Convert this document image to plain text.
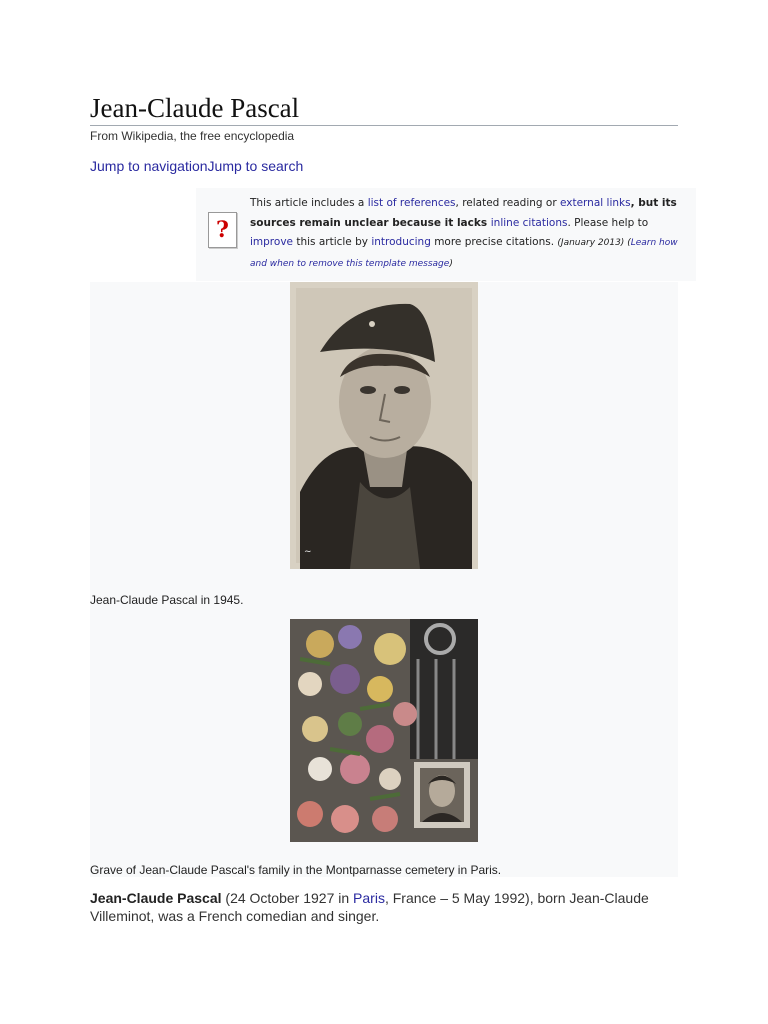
Jean-Claude Pascal
From Wikipedia, the free encyclopedia
Jump to navigationJump to search
?
This article includes a list of references, related reading or external links, but its sources remain unclear because it lacks inline citations. Please help to improve this article by introducing more precise citations. (January 2013) (Learn how and when to remove this template message)
~
Jean-Claude Pascal in 1945.
Grave of Jean-Claude Pascal's family in the Montparnasse cemetery in Paris.
Jean-Claude Pascal (24 October 1927 in Paris, France – 5 May 1992), born Jean-Claude Villeminot, was a French comedian and singer.
